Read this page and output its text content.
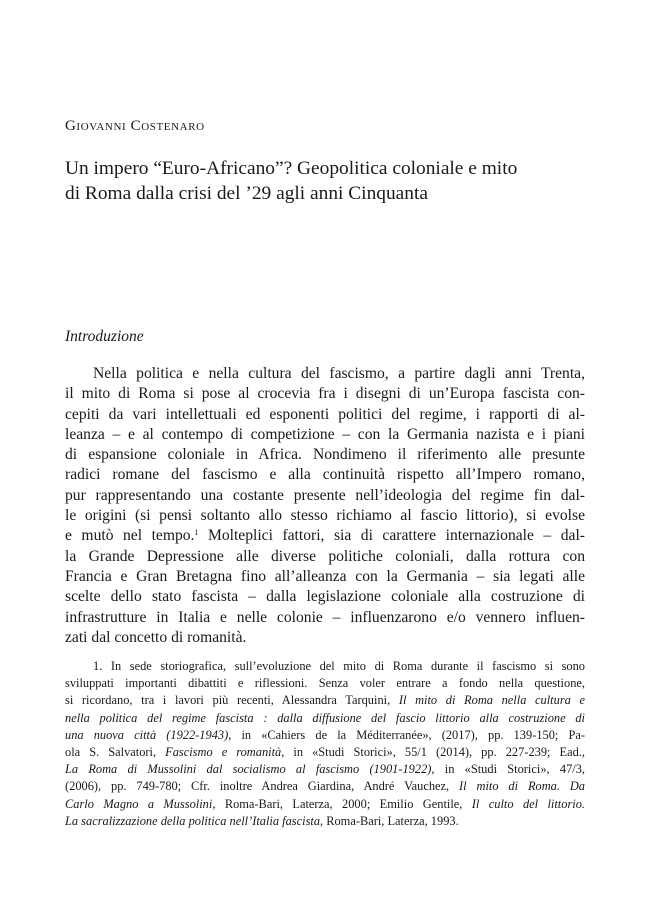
Giovanni Costenaro
Un impero “Euro-Africano”? Geopolitica coloniale e mito
di Roma dalla crisi del ’29 agli anni Cinquanta
Introduzione
Nella politica e nella cultura del fascismo, a partire dagli anni Trenta,
il mito di Roma si pose al crocevia fra i disegni di un’Europa fascista con-
cepiti da vari intellettuali ed esponenti politici del regime, i rapporti di al-
leanza – e al contempo di competizione – con la Germania nazista e i piani
di espansione coloniale in Africa. Nondimeno il riferimento alle presunte
radici romane del fascismo e alla continuità rispetto all’Impero romano,
pur rappresentando una costante presente nell’ideologia del regime fin dal-
le origini (si pensi soltanto allo stesso richiamo al fascio littorio), si evolse
e mutò nel tempo.$^1$ Molteplici fattori, sia di carattere internazionale – dal-
la Grande Depressione alle diverse politiche coloniali, dalla rottura con
Francia e Gran Bretagna fino all’alleanza con la Germania – sia legati alle
scelte dello stato fascista – dalla legislazione coloniale alla costruzione di
infrastrutture in Italia e nelle colonie – influenzarono e/o vennero influen-
zati dal concetto di romanità.
1. In sede storiografica, sull’evoluzione del mito di Roma durante il fascismo si sono
sviluppati importanti dibattiti e riflessioni. Senza voler entrare a fondo nella questione,
si ricordano, tra i lavori più recenti, Alessandra Tarquini, Il mito di Roma nella cultura e
nella politica del regime fascista : dalla diffusione del fascio littorio alla costruzione di
una nuova città (1922-1943), in «Cahiers de la Méditerranée», (2017), pp. 139-150; Pa-
ola S. Salvatori, Fascismo e romanità, in «Studi Storici», 55/1 (2014), pp. 227-239; Ead.,
La Roma di Mussolini dal socialismo al fascismo (1901-1922), in «Studi Storici», 47/3,
(2006), pp. 749-780; Cfr. inoltre Andrea Giardina, André Vauchez, Il mito di Roma. Da
Carlo Magno a Mussolini, Roma-Bari, Laterza, 2000; Emilio Gentile, Il culto del littorio.
La sacralizzazione della politica nell’Italia fascista, Roma-Bari, Laterza, 1993.
